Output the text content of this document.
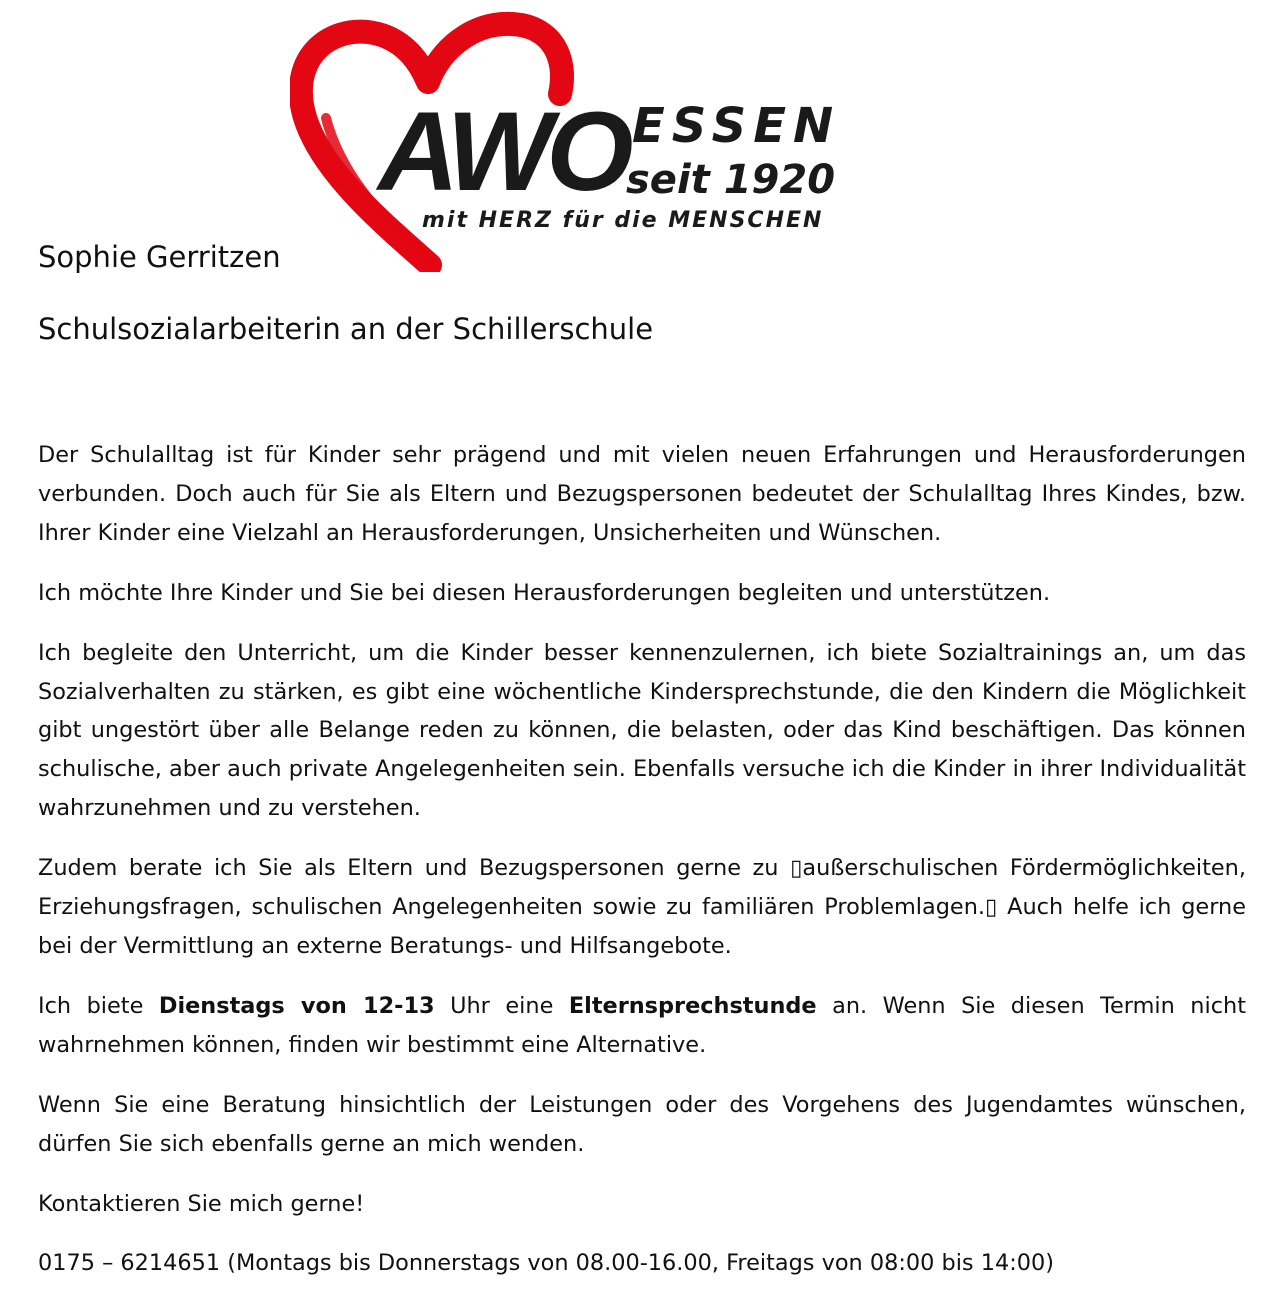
AWO ESSEN
seit 1920
mit HERZ für die MENSCHEN
Sophie Gerritzen
Schulsozialarbeiterin an der Schillerschule

Der Schulalltag ist für Kinder sehr prägend und mit vielen neuen Erfahrungen und Herausforderungen verbunden. Doch auch für Sie als Eltern und Bezugspersonen bedeutet der Schulalltag Ihres Kindes, bzw. Ihrer Kinder eine Vielzahl an Herausforderungen, Unsicherheiten und Wünschen.

Ich möchte Ihre Kinder und Sie bei diesen Herausforderungen begleiten und unterstützen.

Ich begleite den Unterricht, um die Kinder besser kennenzulernen, ich biete Sozialtrainings an, um das Sozialverhalten zu stärken, es gibt eine wöchentliche Kindersprechstunde, die den Kindern die Möglichkeit gibt ungestört über alle Belange reden zu können, die belasten, oder das Kind beschäftigen. Das können schulische, aber auch private Angelegenheiten sein. Ebenfalls versuche ich die Kinder in ihrer Individualität wahrzunehmen und zu verstehen.

Zudem berate ich Sie als Eltern und Bezugspersonen gerne zu ▯außerschulischen Fördermöglichkeiten, Erziehungsfragen, schulischen Angelegenheiten sowie zu familiären Problemlagen.▯ Auch helfe ich gerne bei der Vermittlung an externe Beratungs- und Hilfsangebote.

Ich biete Dienstags von 12-13 Uhr eine Elternsprechstunde an. Wenn Sie diesen Termin nicht wahrnehmen können, finden wir bestimmt eine Alternative.

Wenn Sie eine Beratung hinsichtlich der Leistungen oder des Vorgehens des Jugendamtes wünschen, dürfen Sie sich ebenfalls gerne an mich wenden.

Kontaktieren Sie mich gerne!

0175 – 6214651 (Montags bis Donnerstags von 08.00-16.00, Freitags von 08:00 bis 14:00)
